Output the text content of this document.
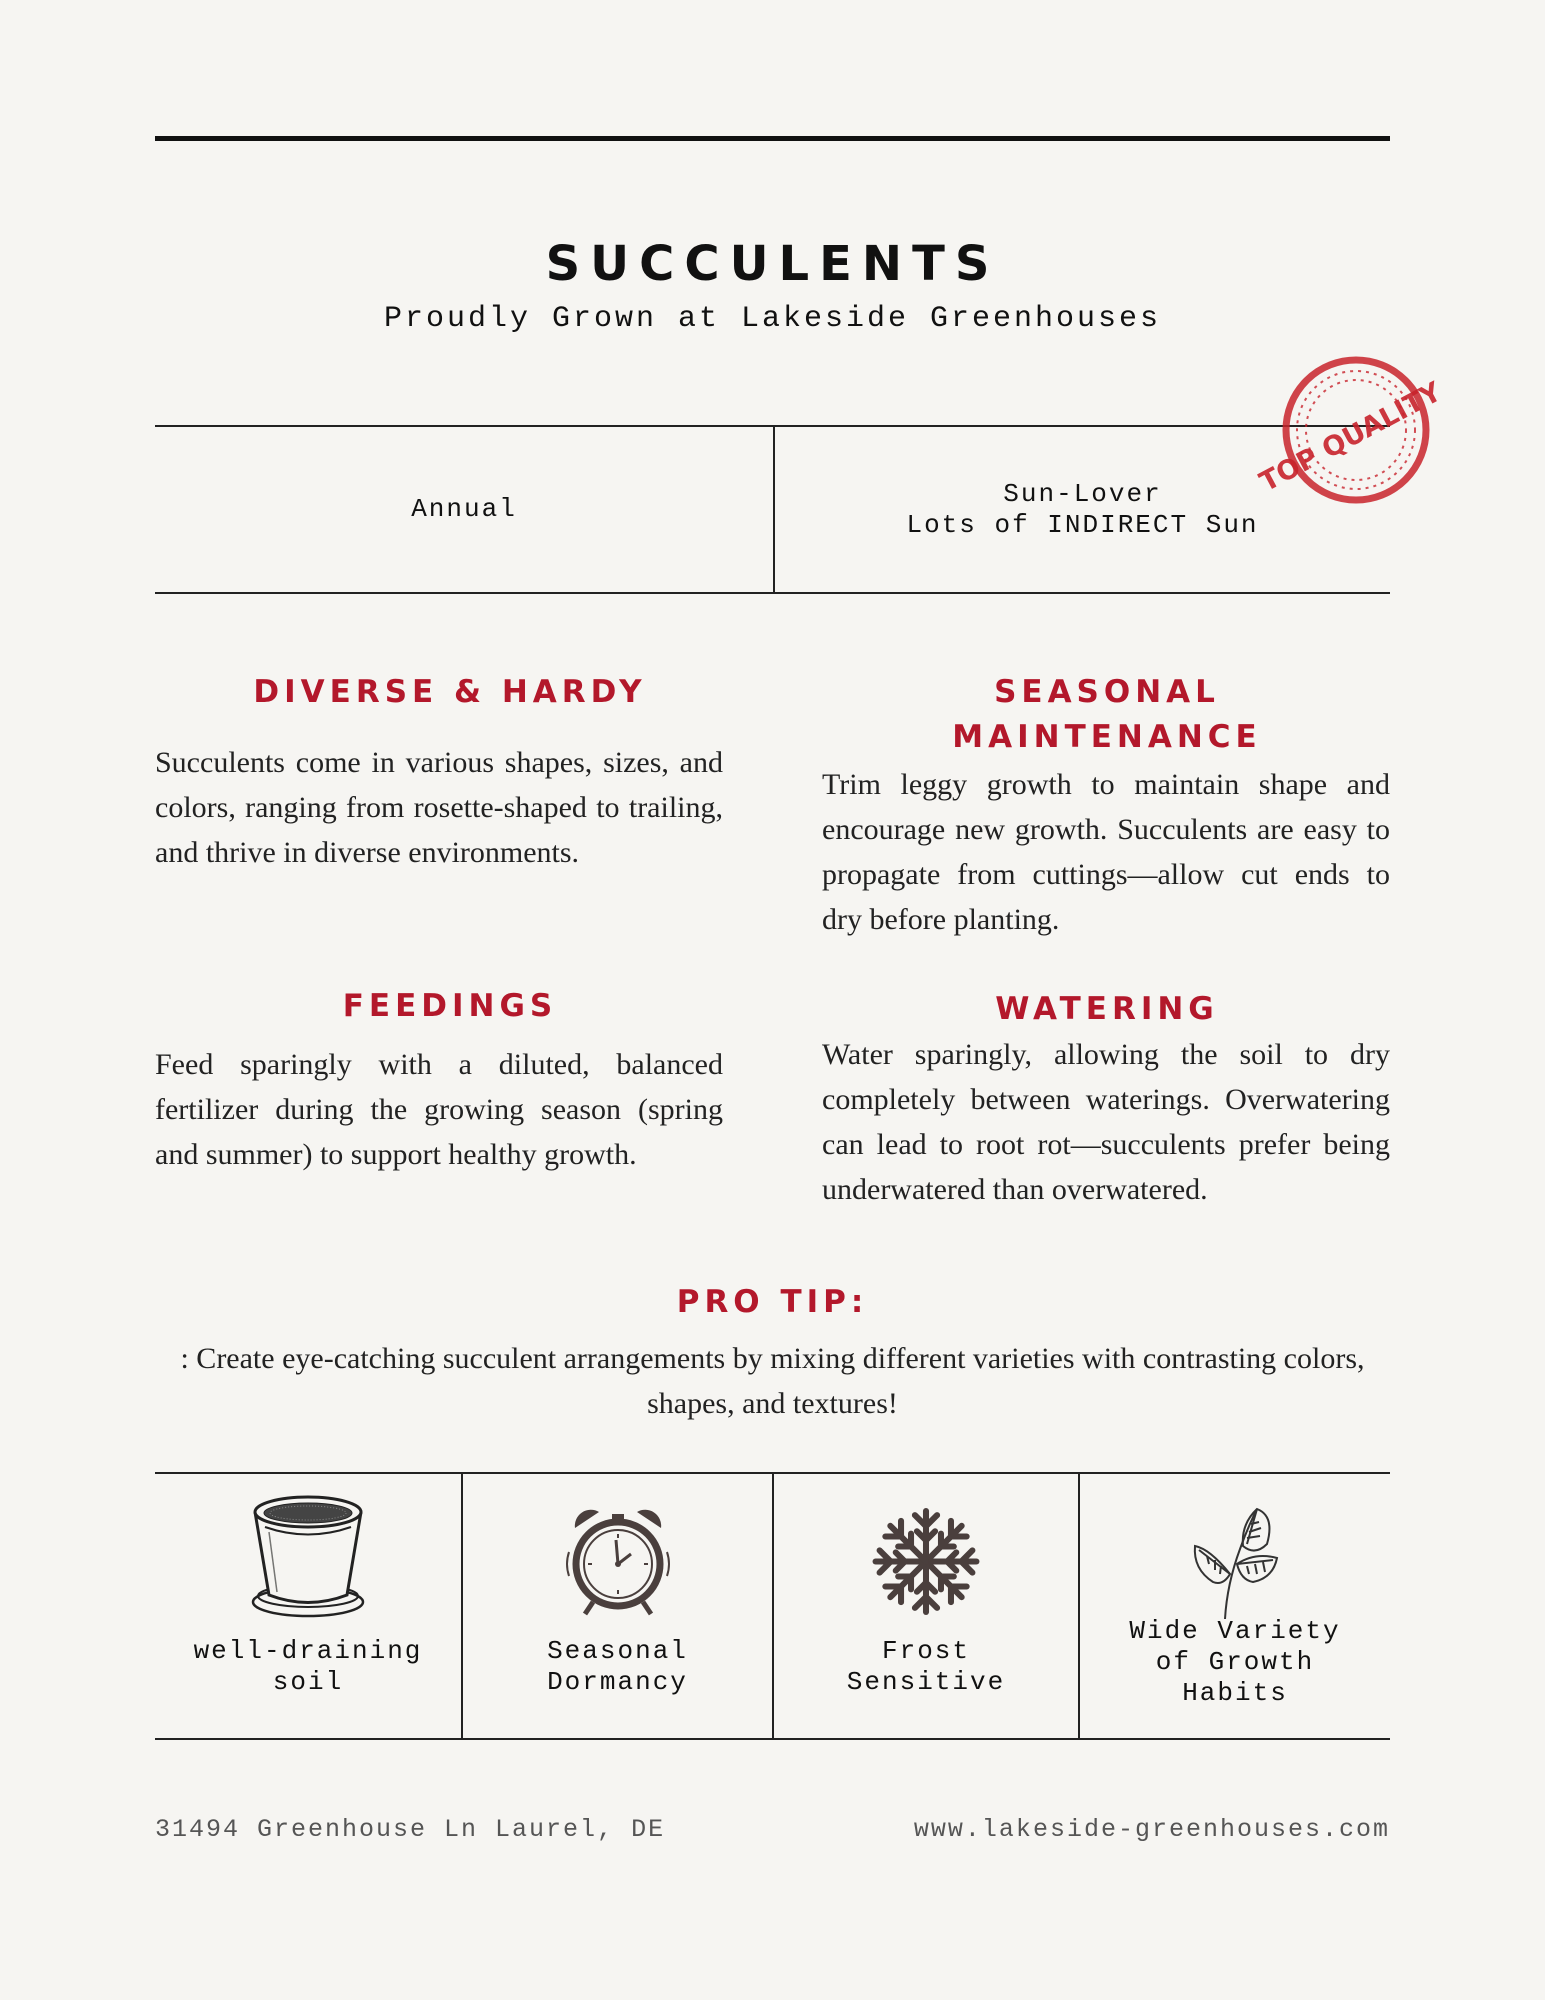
SUCCULENTS
Proudly Grown at Lakeside Greenhouses
Annual
Sun-Lover
Lots of INDIRECT Sun
TOP QUALITY
DIVERSE & HARDY
Succulents come in various shapes, sizes, and colors, ranging from rosette-shaped to trailing, and thrive in diverse environments.
SEASONAL
MAINTENANCE
Trim leggy growth to maintain shape and encourage new growth. Succulents are easy to propagate from cuttings—allow cut ends to dry before planting.
FEEDINGS
Feed sparingly with a diluted, balanced fertilizer during the growing season (spring and summer) to support healthy growth.
WATERING
Water sparingly, allowing the soil to dry completely between waterings. Overwatering can lead to root rot—succulents prefer being underwatered than overwatered.
PRO TIP:
: Create eye-catching succulent arrangements by mixing different varieties with contrasting colors, shapes, and textures!
well-draining
soil
Seasonal
Dormancy
Frost
Sensitive
Wide Variety
of Growth
Habits
31494 Greenhouse Ln Laurel, DE	www.lakeside-greenhouses.com
